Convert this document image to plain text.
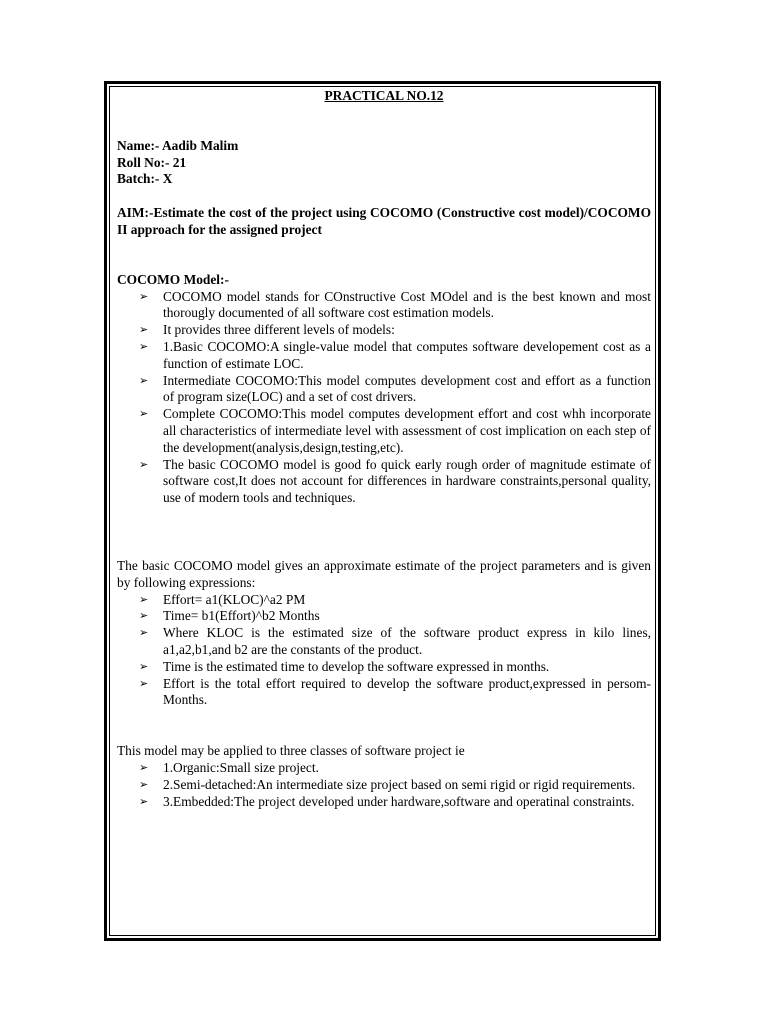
PRACTICAL NO.12
Name:- Aadib Malim
Roll No:- 21
Batch:- X
AIM:-Estimate the cost of the project using COCOMO (Constructive cost model)/COCOMO II approach for the assigned project
COCOMO Model:-
➢ COCOMO model stands for COnstructive Cost MOdel and is the best known and most thorougly documented of all software cost estimation models.
➢ It provides three different levels of models:
➢ 1.Basic COCOMO:A single-value model that computes software developement cost as a function of estimate LOC.
➢ Intermediate COCOMO:This model computes development cost and effort as a function of program size(LOC) and a set of cost drivers.
➢ Complete COCOMO:This model computes development effort and cost whh incorporate all characteristics of intermediate level with assessment of cost implication on each step of the development(analysis,design,testing,etc).
➢ The basic COCOMO model is good fo quick early rough order of magnitude estimate of software cost,It does not account for differences in hardware constraints,personal quality, use of modern tools and techniques.
The basic COCOMO model gives an approximate estimate of the project parameters and is given by following expressions:
➢ Effort= a1(KLOC)^a2 PM
➢ Time= b1(Effort)^b2 Months
➢ Where KLOC is the estimated size of the software product express in kilo lines, a1,a2,b1,and b2 are the constants of the product.
➢ Time is the estimated time to develop the software expressed in months.
➢ Effort is the total effort required to develop the software product,expressed in persom-Months.
This model may be applied to three classes of software project ie
➢ 1.Organic:Small size project.
➢ 2.Semi-detached:An intermediate size project based on semi rigid or rigid requirements.
➢ 3.Embedded:The project developed under hardware,software and operatinal constraints.
